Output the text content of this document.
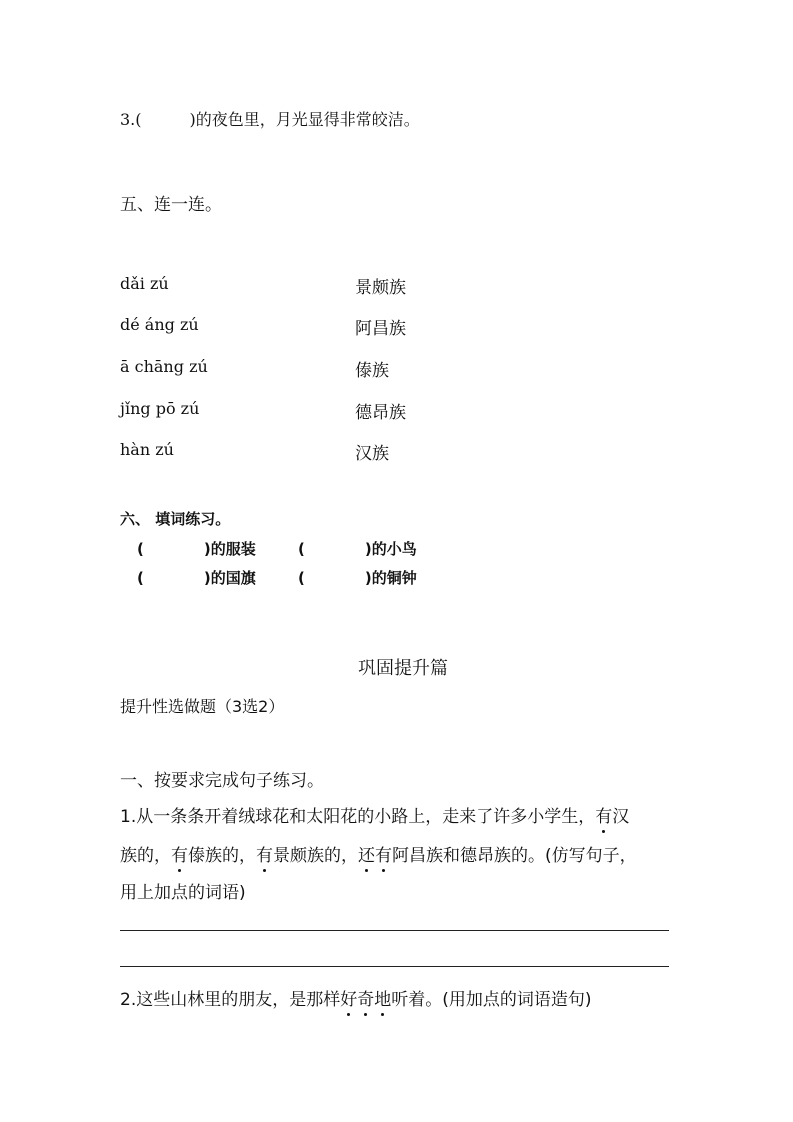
3.(　　　)的夜色里，月光显得非常皎洁。
五、连一连。
dǎi zú
dé áng zú
ā chāng zú
jǐng pō zú
hàn zú
景颇族
阿昌族
傣族
德昂族
汉族
六、 填词练习。
(　　　　)的服装	(　　　　)的小鸟
(　　　　)的国旗	(　　　　)的铜钟
巩固提升篇
提升性选做题（3选2）
一、按要求完成句子练习。
1.从一条条开着绒球花和太阳花的小路上，走来了许多小学生，有汉
族的，有傣族的，有景颇族的，还有阿昌族和德昂族的。(仿写句子，
用上加点的词语)
2.这些山林里的朋友，是那样好奇地听着。(用加点的词语造句)
